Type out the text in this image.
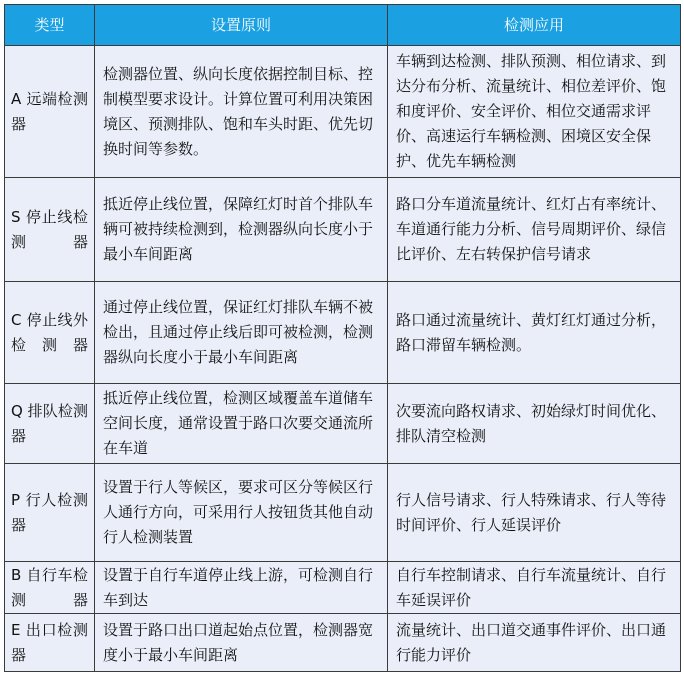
类型	设置原则	检测应用
A 远端检测器	检测器位置、纵向长度依据控制目标、控制模型要求设计。计算位置可利用决策困境区、预测排队、饱和车头时距、优先切换时间等参数。	车辆到达检测、排队预测、相位请求、到达分布分析、流量统计、相位差评价、饱和度评价、安全评价、相位交通需求评价、高速运行车辆检测、困境区安全保护、优先车辆检测
S 停止线检测器	抵近停止线位置，保障红灯时首个排队车辆可被持续检测到，检测器纵向长度小于最小车间距离	路口分车道流量统计、红灯占有率统计、车道通行能力分析、信号周期评价、绿信比评价、左右转保护信号请求
C 停止线外检测器	通过停止线位置，保证红灯排队车辆不被检出，且通过停止线后即可被检测，检测器纵向长度小于最小车间距离	路口通过流量统计、黄灯红灯通过分析，路口滞留车辆检测。
Q 排队检测器	抵近停止线位置，检测区域覆盖车道储车空间长度，通常设置于路口次要交通流所在车道	次要流向路权请求、初始绿灯时间优化、排队清空检测
P 行人检测器	设置于行人等候区，要求可区分等候区行人通行方向，可采用行人按钮货其他自动行人检测装置	行人信号请求、行人特殊请求、行人等待时间评价、行人延误评价
B 自行车检测器	设置于自行车道停止线上游，可检测自行车到达	自行车控制请求、自行车流量统计、自行车延误评价
E 出口检测器	设置于路口出口道起始点位置，检测器宽度小于最小车间距离	流量统计、出口道交通事件评价、出口通行能力评价
